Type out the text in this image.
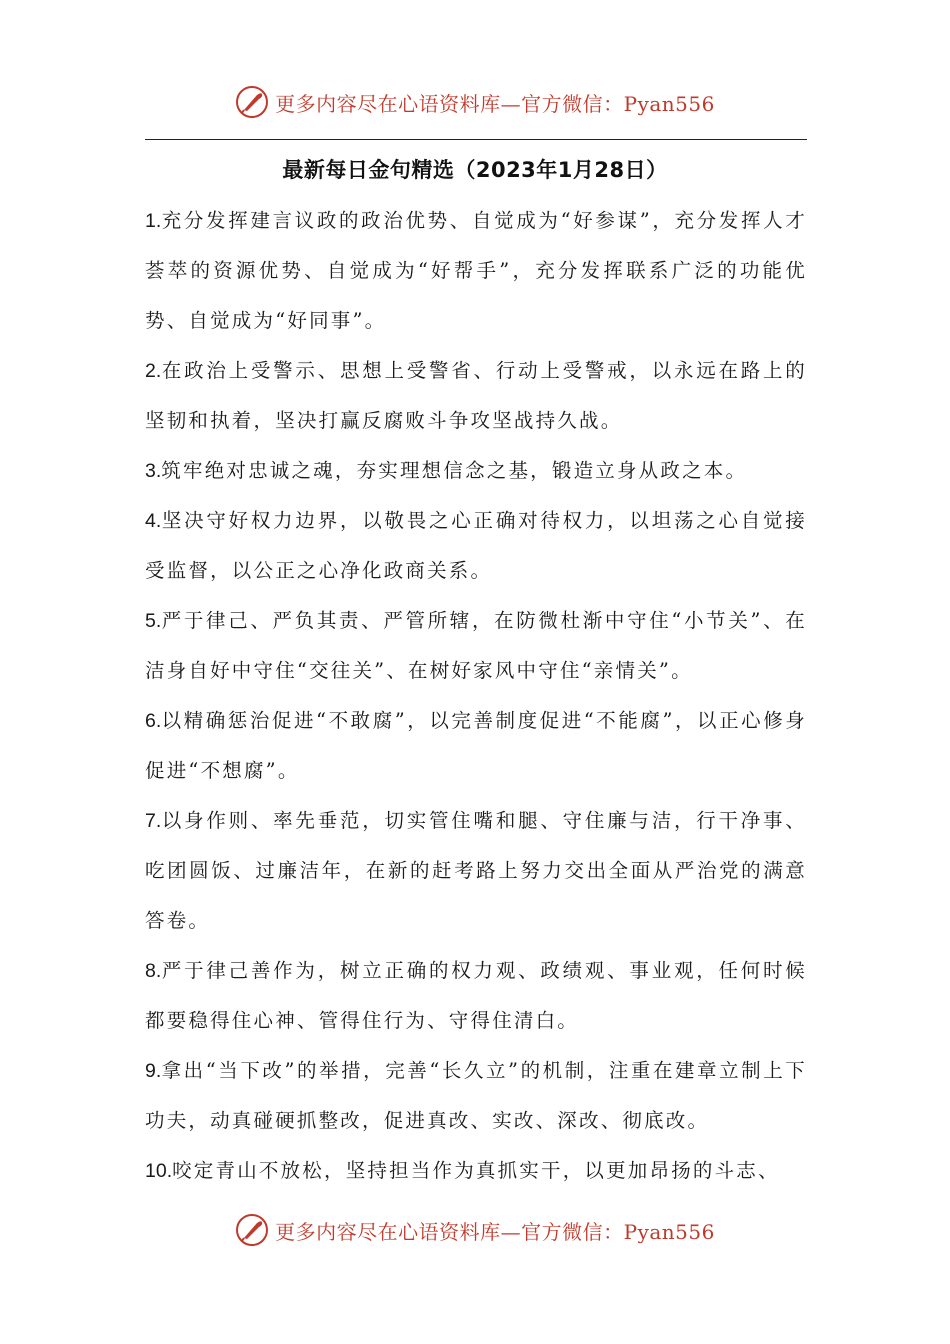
更多内容尽在心语资料库—官方微信：Pyan556
最新每日金句精选（2023年1月28日）
1.充分发挥建言议政的政治优势、自觉成为“好参谋”，充分发挥人才荟萃的资源优势、自觉成为“好帮手”，充分发挥联系广泛的功能优势、自觉成为“好同事”。
2.在政治上受警示、思想上受警省、行动上受警戒，以永远在路上的坚韧和执着，坚决打赢反腐败斗争攻坚战持久战。
3.筑牢绝对忠诚之魂，夯实理想信念之基，锻造立身从政之本。
4.坚决守好权力边界，以敬畏之心正确对待权力，以坦荡之心自觉接受监督，以公正之心净化政商关系。
5.严于律己、严负其责、严管所辖，在防微杜渐中守住“小节关”、在洁身自好中守住“交往关”、在树好家风中守住“亲情关”。
6.以精确惩治促进“不敢腐”，以完善制度促进“不能腐”，以正心修身促进“不想腐”。
7.以身作则、率先垂范，切实管住嘴和腿、守住廉与洁，行干净事、吃团圆饭、过廉洁年，在新的赶考路上努力交出全面从严治党的满意答卷。
8.严于律己善作为，树立正确的权力观、政绩观、事业观，任何时候都要稳得住心神、管得住行为、守得住清白。
9.拿出“当下改”的举措，完善“长久立”的机制，注重在建章立制上下功夫，动真碰硬抓整改，促进真改、实改、深改、彻底改。
10.咬定青山不放松，坚持担当作为真抓实干，以更加昂扬的斗志、
更多内容尽在心语资料库—官方微信：Pyan556
